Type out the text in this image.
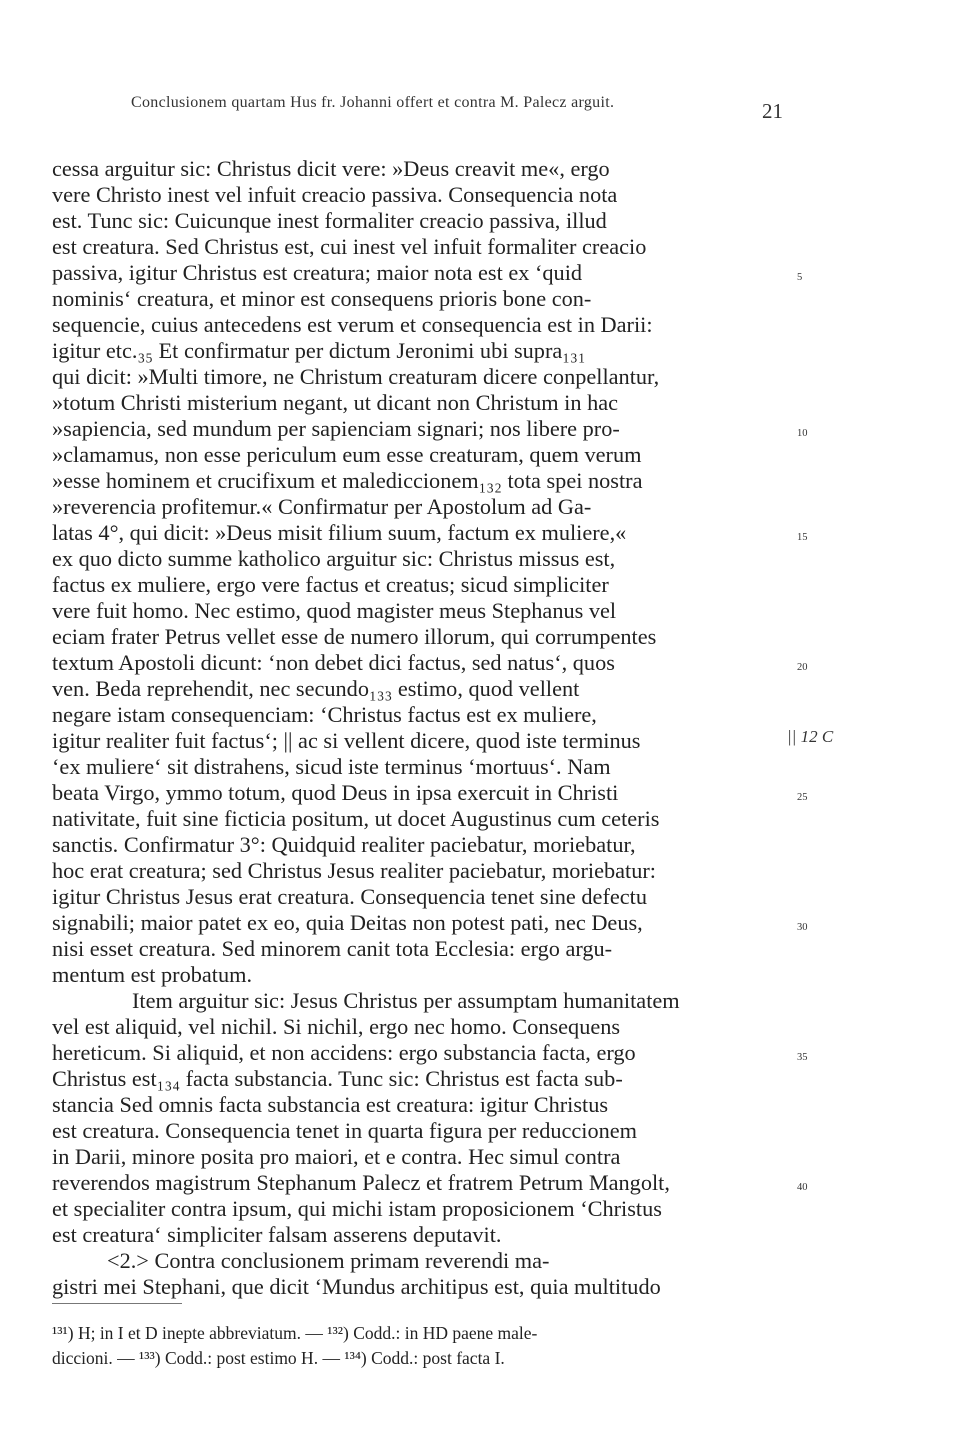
Conclusionem quartam Hus fr. Johanni offert et contra M. Palecz arguit.	21
cessa arguitur sic: Christus dicit vere: »Deus creavit me«, ergo
vere Christo inest vel infuit creacio passiva. Consequencia nota
est. Tunc sic: Cuicunque inest formaliter creacio passiva, illud
est creatura. Sed Christus est, cui inest vel infuit formaliter creacio
passiva, igitur Christus est creatura; maior nota est ex ‘quid
nominis‘ creatura, et minor est consequens prioris bone con-
sequencie, cuius antecedens est verum et consequencia est in Darii:
igitur etc.₃₅ Et confirmatur per dictum Jeronimi ubi supra₁₃₁
qui dicit: »Multi timore, ne Christum creaturam dicere conpellantur,
»totum Christi misterium negant, ut dicant non Christum in hac
»sapiencia, sed mundum per sapienciam signari; nos libere pro-
»clamamus, non esse periculum eum esse creaturam, quem verum
»esse hominem et crucifixum et malediccionem₁₃₂ tota spei nostra
»reverencia profitemur.« Confirmatur per Apostolum ad Ga-
latas 4°, qui dicit: »Deus misit filium suum, factum ex muliere,«
ex quo dicto summe katholico arguitur sic: Christus missus est,
factus ex muliere, ergo vere factus et creatus; sicud simpliciter
vere fuit homo. Nec estimo, quod magister meus Stephanus vel
eciam frater Petrus vellet esse de numero illorum, qui corrumpentes
textum Apostoli dicunt: ‘non debet dici factus, sed natus‘, quos
ven. Beda reprehendit, nec secundo₁₃₃ estimo, quod vellent
negare istam consequenciam: ‘Christus factus est ex muliere,
igitur realiter fuit factus‘; || ac si vellent dicere, quod iste terminus
‘ex muliere‘ sit distrahens, sicud iste terminus ‘mortuus‘. Nam
beata Virgo, ymmo totum, quod Deus in ipsa exercuit in Christi
nativitate, fuit sine ficticia positum, ut docet Augustinus cum ceteris
sanctis. Confirmatur 3°: Quidquid realiter paciebatur, moriebatur,
hoc erat creatura; sed Christus Jesus realiter paciebatur, moriebatur:
igitur Christus Jesus erat creatura. Consequencia tenet sine defectu
signabili; maior patet ex eo, quia Deitas non potest pati, nec Deus,
nisi esset creatura. Sed minorem canit tota Ecclesia: ergo argu-
mentum est probatum.
Item arguitur sic: Jesus Christus per assumptam humanitatem
vel est aliquid, vel nichil. Si nichil, ergo nec homo. Consequens
hereticum. Si aliquid, et non accidens: ergo substancia facta, ergo
Christus est₁₃₄ facta substancia. Tunc sic: Christus est facta sub-
stancia Sed omnis facta substancia est creatura: igitur Christus
est creatura. Consequencia tenet in quarta figura per reduccionem
in Darii, minore posita pro maiori, et e contra. Hec simul contra
reverendos magistrum Stephanum Palecz et fratrem Petrum Mangolt,
et specialiter contra ipsum, qui michi istam proposicionem ‘Christus
est creatura‘ simpliciter falsam asserens deputavit.
<2.> Contra conclusionem primam reverendi ma-
gistri mei Stephani, que dicit ‘Mundus architipus est, quia multitudo
5
10
15
20
|| 12 C
25
30
35
40
¹³¹) H; in I et D inepte abbreviatum. — ¹³²) Codd.: in HD paene male-
diccioni. — ¹³³) Codd.: post estimo H. — ¹³⁴) Codd.: post facta I.
